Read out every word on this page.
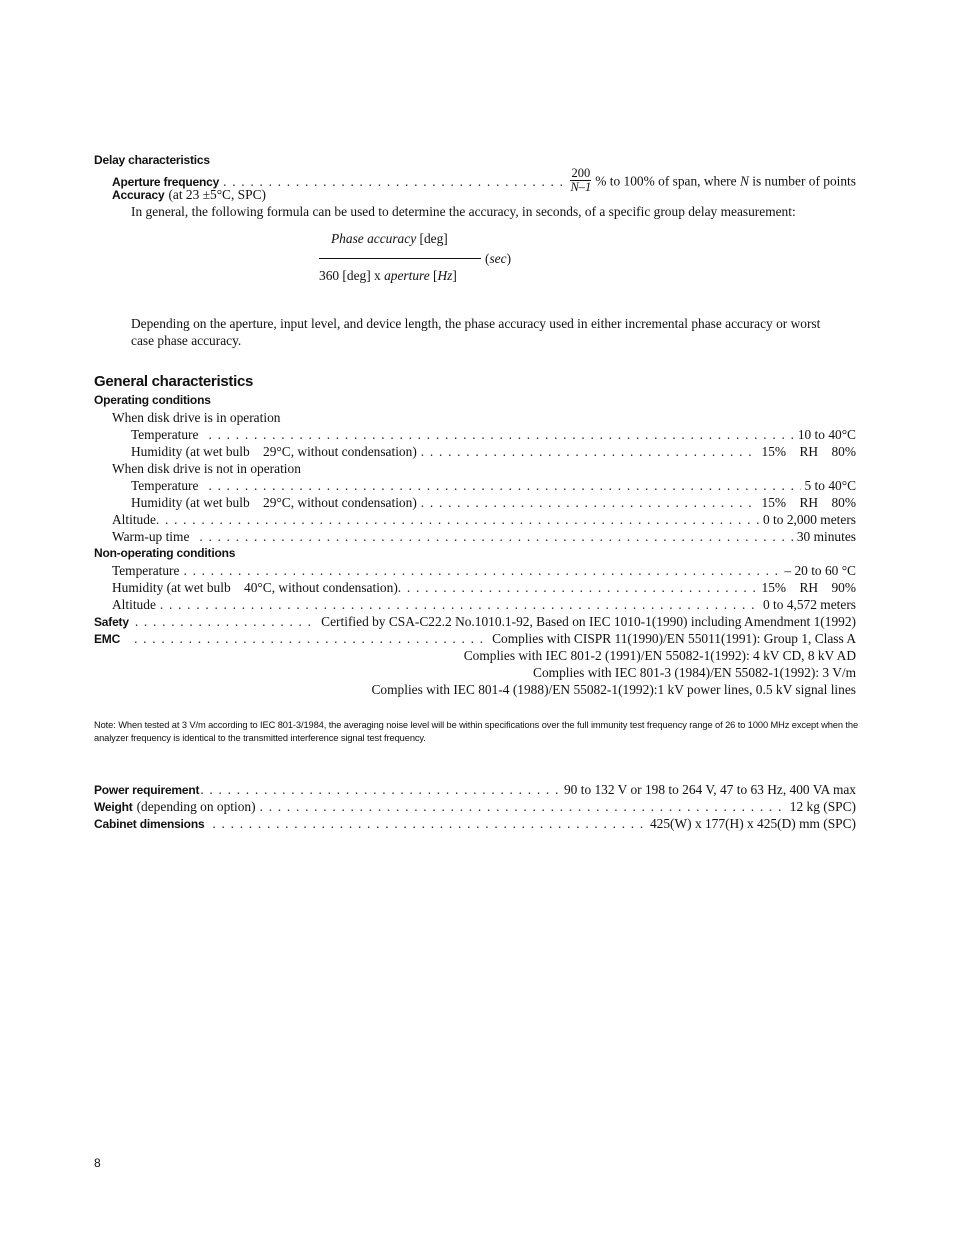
Delay characteristics
Aperture frequency . . .	$\frac{200}{N-1}$ % to 100% of span, where N is number of points
Accuracy (at 23 ±5°C, SPC)
In general, the following formula can be used to determine the accuracy, in seconds, of a specific group delay measurement:
Phase accuracy [deg]
360 [deg] x aperture [Hz]
(sec)
Depending on the aperture, input level, and device length, the phase accuracy used in either incremental phase accuracy or worst case phase accuracy.
General characteristics
Operating conditions
When disk drive is in operation
Temperature . . .	10 to 40°C
Humidity (at wet bulb    29°C, without condensation) . . .	15%    RH    80%
When disk drive is not in operation
Temperature . . .	5 to 40°C
Humidity (at wet bulb    29°C, without condensation) . . .	15%    RH    80%
Altitude . . .	0 to 2,000 meters
Warm-up time . . .	30 minutes
Non-operating conditions
Temperature . . .	– 20 to 60 °C
Humidity (at wet bulb    40°C, without condensation) . . .	15%    RH    90%
Altitude . . .	0 to 4,572 meters
Safety . . .	Certified by CSA-C22.2 No.1010.1-92, Based on IEC 1010-1(1990) including Amendment 1(1992)
EMC . . .	Complies with CISPR 11(1990)/EN 55011(1991): Group 1, Class A
Complies with IEC 801-2 (1991)/EN 55082-1(1992): 4 kV CD, 8 kV AD
Complies with IEC 801-3 (1984)/EN 55082-1(1992): 3 V/m
Complies with IEC 801-4 (1988)/EN 55082-1(1992):1 kV power lines, 0.5 kV signal lines
Note: When tested at 3 V/m according to IEC 801-3/1984, the averaging noise level will be within specifications over the full immunity test frequency range of 26 to 1000 MHz except when the analyzer frequency is identical to the transmitted interference signal test frequency.
Power requirement . . .	90 to 132 V or 198 to 264 V, 47 to 63 Hz, 400 VA max
Weight (depending on option) . . .	12 kg (SPC)
Cabinet dimensions . . .	425(W) x 177(H) x 425(D) mm (SPC)
8
